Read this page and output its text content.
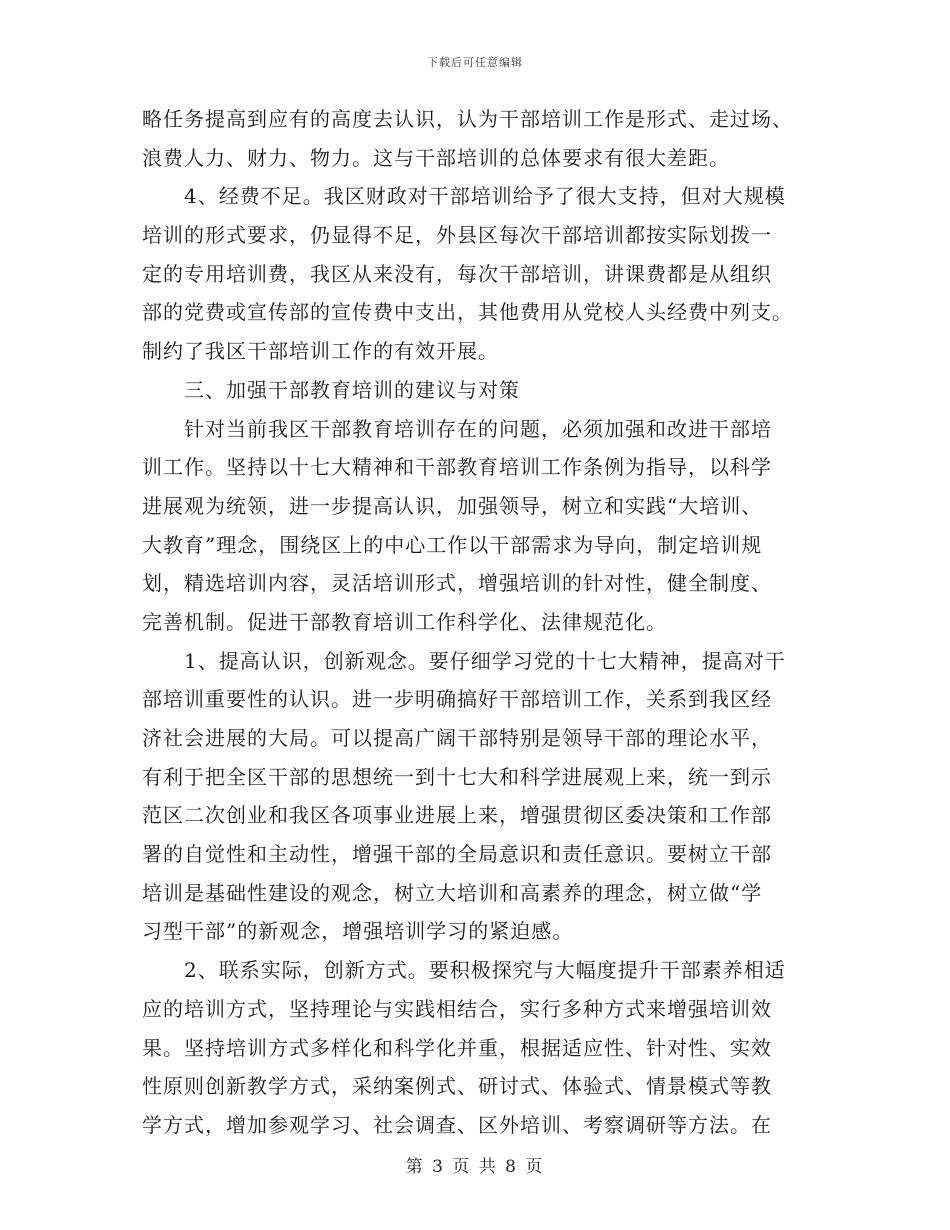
下载后可任意编辑
略任务提高到应有的高度去认识，认为干部培训工作是形式、走过场、
浪费人力、财力、物力。这与干部培训的总体要求有很大差距。
4、经费不足。我区财政对干部培训给予了很大支持，但对大规模
培训的形式要求，仍显得不足，外县区每次干部培训都按实际划拨一
定的专用培训费，我区从来没有，每次干部培训，讲课费都是从组织
部的党费或宣传部的宣传费中支出，其他费用从党校人头经费中列支。
制约了我区干部培训工作的有效开展。
三、加强干部教育培训的建议与对策
针对当前我区干部教育培训存在的问题，必须加强和改进干部培
训工作。坚持以十七大精神和干部教育培训工作条例为指导，以科学
进展观为统领，进一步提高认识，加强领导，树立和实践“大培训、
大教育”理念，围绕区上的中心工作以干部需求为导向，制定培训规
划，精选培训内容，灵活培训形式，增强培训的针对性，健全制度、
完善机制。促进干部教育培训工作科学化、法律规范化。
1、提高认识，创新观念。要仔细学习党的十七大精神，提高对干
部培训重要性的认识。进一步明确搞好干部培训工作，关系到我区经
济社会进展的大局。可以提高广阔干部特别是领导干部的理论水平，
有利于把全区干部的思想统一到十七大和科学进展观上来，统一到示
范区二次创业和我区各项事业进展上来，增强贯彻区委决策和工作部
署的自觉性和主动性，增强干部的全局意识和责任意识。要树立干部
培训是基础性建设的观念，树立大培训和高素养的理念，树立做“学
习型干部”的新观念，增强培训学习的紧迫感。
2、联系实际，创新方式。要积极探究与大幅度提升干部素养相适
应的培训方式，坚持理论与实践相结合，实行多种方式来增强培训效
果。坚持培训方式多样化和科学化并重，根据适应性、针对性、实效
性原则创新教学方式，采纳案例式、研讨式、体验式、情景模式等教
学方式，增加参观学习、社会调查、区外培训、考察调研等方法。在
第 3 页 共 8 页
